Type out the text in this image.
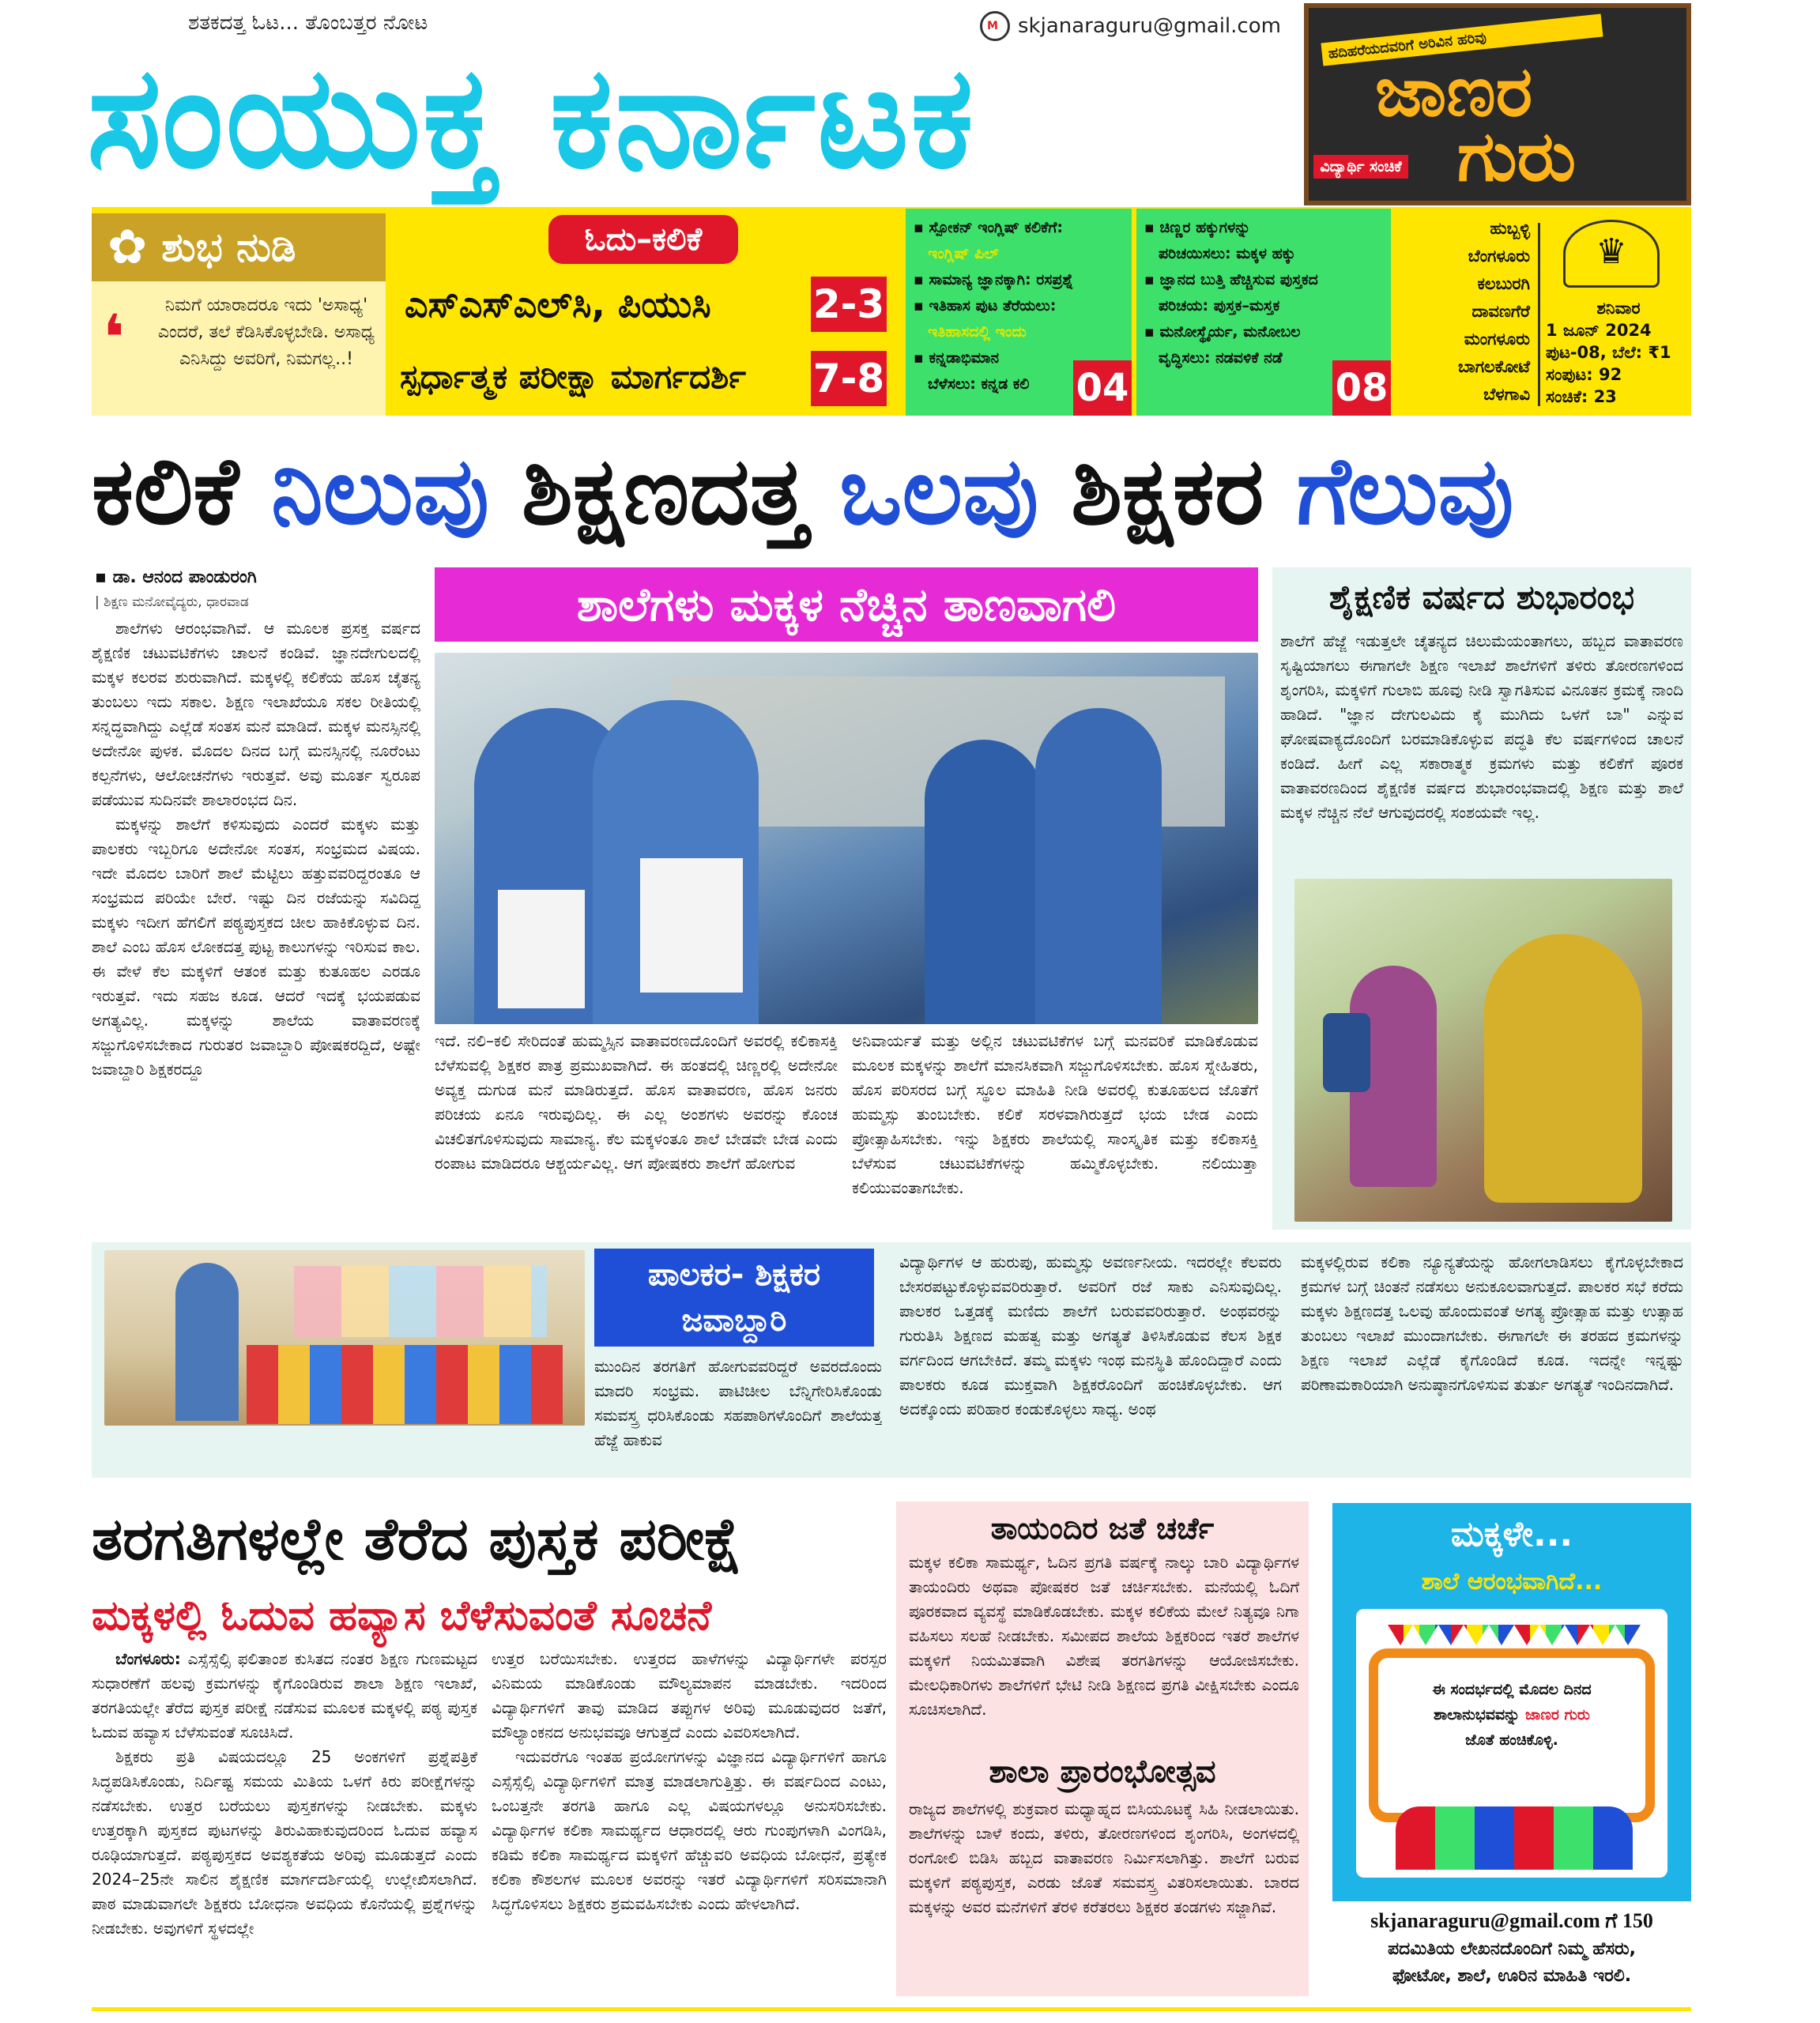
ಶತಕದತ್ತ ಓಟ... ತೊಂಬತ್ತರ ನೋಟ	M skjanaraguru@gmail.com
ಸಂಯುಕ್ತ ಕರ್ನಾಟಕ	ಹದಿಹರೆಯದವರಿಗೆ ಅರಿವಿನ ಹರಿವು
ಜಾಣರ
ಗುರು
ವಿದ್ಯಾರ್ಥಿ ಸಂಚಿಕೆ
✿ ಶುಭ ನುಡಿ
❛	ನಿಮಗೆ ಯಾರಾದರೂ ಇದು 'ಅಸಾಧ್ಯ' ಎಂದರೆ, ತಲೆ ಕೆಡಿಸಿಕೊಳ್ಳಬೇಡಿ. ಅಸಾಧ್ಯ ಎನಿಸಿದ್ದು ಅವರಿಗೆ, ನಿಮಗಲ್ಲ..!
ಓದು–ಕಲಿಕೆ
ಎಸ್‌ಎಸ್‌ಎಲ್‌ಸಿ, ಪಿಯುಸಿ	2-3
ಸ್ಪರ್ಧಾತ್ಮಕ ಪರೀಕ್ಷಾ ಮಾರ್ಗದರ್ಶಿ 7-8
▪ ಸ್ಪೋಕನ್ ಇಂಗ್ಲಿಷ್ ಕಲಿಕೆಗೆ:
ಇಂಗ್ಲಿಷ್ ಪಿಲ್
▪ ಸಾಮಾನ್ಯ ಜ್ಞಾನಕ್ಕಾಗಿ: ರಸಪ್ರಶ್ನೆ
▪ ಇತಿಹಾಸ ಪುಟ ತೆರೆಯಲು:
ಇತಿಹಾಸದಲ್ಲಿ ಇಂದು
▪ ಕನ್ನಡಾಭಿಮಾನ
ಬೆಳೆಸಲು: ಕನ್ನಡ ಕಲಿ	04
▪ ಚಿಣ್ಣರ ಹಕ್ಕುಗಳನ್ನು
ಪರಿಚಯಿಸಲು: ಮಕ್ಕಳ ಹಕ್ಕು
▪ ಜ್ಞಾನದ ಬುತ್ತಿ ಹೆಚ್ಚಿಸುವ ಪುಸ್ತಕದ
ಪರಿಚಯ: ಪುಸ್ತಕ–ಮಸ್ತಕ
▪ ಮನೋಸ್ಥೈರ್ಯ, ಮನೋಬಲ
ವೃದ್ಧಿಸಲು: ನಡವಳಿಕೆ ನಡೆ
08
ಹುಬ್ಬಳ್ಳಿ
ಬೆಂಗಳೂರು
ಕಲಬುರಗಿ
ದಾವಣಗೆರೆ
ಮಂಗಳೂರು
ಬಾಗಲಕೋಟೆ
ಬೆಳಗಾವಿ
♛
ಶನಿವಾರ
1 ಜೂನ್ 2024
ಪುಟ-08, ಬೆಲೆ: ₹1
ಸಂಪುಟ: 92
ಸಂಚಿಕೆ: 23
ಕಲಿಕೆ ನಿಲುವು ಶಿಕ್ಷಣದತ್ತ ಒಲವು ಶಿಕ್ಷಕರ ಗೆಲುವು
▪ ಡಾ. ಆನಂದ ಪಾಂಡುರಂಗಿ
| ಶಿಕ್ಷಣ ಮನೋವೈದ್ಯರು, ಧಾರವಾಡ

ಶಾಲೆಗಳು ಆರಂಭವಾಗಿವೆ. ಆ ಮೂಲಕ ಪ್ರಸಕ್ತ ವರ್ಷದ ಶೈಕ್ಷಣಿಕ ಚಟುವಟಿಕೆಗಳು ಚಾಲನೆ ಕಂಡಿವೆ. ಜ್ಞಾನದೇಗುಲದಲ್ಲಿ ಮಕ್ಕಳ ಕಲರವ ಶುರುವಾಗಿದೆ. ಮಕ್ಕಳಲ್ಲಿ ಕಲಿಕೆಯ ಹೊಸ ಚೈತನ್ಯ ತುಂಬಲು ಇದು ಸಕಾಲ. ಶಿಕ್ಷಣ ಇಲಾಖೆಯೂ ಸಕಲ ರೀತಿಯಲ್ಲಿ ಸನ್ನದ್ಧವಾಗಿದ್ದು ಎಲ್ಲೆಡೆ ಸಂತಸ ಮನೆ ಮಾಡಿದೆ. ಮಕ್ಕಳ ಮನಸ್ಸಿನಲ್ಲಿ ಅದೇನೋ ಪುಳಕ. ಮೊದಲ ದಿನದ ಬಗ್ಗೆ ಮನಸ್ಸಿನಲ್ಲಿ ನೂರೆಂಟು ಕಲ್ಪನೆಗಳು, ಆಲೋಚನೆಗಳು ಇರುತ್ತವೆ. ಅವು ಮೂರ್ತ ಸ್ವರೂಪ ಪಡೆಯುವ ಸುದಿನವೇ ಶಾಲಾರಂಭದ ದಿನ.

ಮಕ್ಕಳನ್ನು ಶಾಲೆಗೆ ಕಳಿಸುವುದು ಎಂದರೆ ಮಕ್ಕಳು ಮತ್ತು ಪಾಲಕರು ಇಬ್ಬರಿಗೂ ಅದೇನೋ ಸಂತಸ, ಸಂಭ್ರಮದ ವಿಷಯ. ಇದೇ ಮೊದಲ ಬಾರಿಗೆ ಶಾಲೆ ಮೆಟ್ಟಿಲು ಹತ್ತುವವರಿದ್ದರಂತೂ ಆ ಸಂಭ್ರಮದ ಪರಿಯೇ ಬೇರೆ. ಇಷ್ಟು ದಿನ ರಜೆಯನ್ನು ಸವಿದಿದ್ದ ಮಕ್ಕಳು ಇದೀಗ ಹೆಗಲಿಗೆ ಪಠ್ಯಪುಸ್ತಕದ ಚೀಲ ಹಾಕಿಕೊಳ್ಳುವ ದಿನ. ಶಾಲೆ ಎಂಬ ಹೊಸ ಲೋಕದತ್ತ ಪುಟ್ಟ ಕಾಲುಗಳನ್ನು ಇರಿಸುವ ಕಾಲ. ಈ ವೇಳೆ ಕೆಲ ಮಕ್ಕಳಿಗೆ ಆತಂಕ ಮತ್ತು ಕುತೂಹಲ ಎರಡೂ ಇರುತ್ತವೆ. ಇದು ಸಹಜ ಕೂಡ. ಆದರೆ ಇದಕ್ಕೆ ಭಯಪಡುವ ಅಗತ್ಯವಿಲ್ಲ. ಮಕ್ಕಳನ್ನು ಶಾಲೆಯ ವಾತಾವರಣಕ್ಕೆ ಸಜ್ಜುಗೊಳಿಸಬೇಕಾದ ಗುರುತರ ಜವಾಬ್ದಾರಿ ಪೋಷಕರದ್ದಿದೆ, ಅಷ್ಟೇ ಜವಾಬ್ದಾರಿ ಶಿಕ್ಷಕರದ್ದೂ

ಶಾಲೆಗಳು ಮಕ್ಕಳ ನೆಚ್ಚಿನ ತಾಣವಾಗಲಿ

ಇದೆ. ನಲಿ–ಕಲಿ ಸೇರಿದಂತೆ ಹುಮ್ಮಸ್ಸಿನ ವಾತಾವರಣದೊಂದಿಗೆ ಅವರಲ್ಲಿ ಕಲಿಕಾಸಕ್ತಿ ಬೆಳೆಸುವಲ್ಲಿ ಶಿಕ್ಷಕರ ಪಾತ್ರ ಪ್ರಮುಖವಾಗಿದೆ. ಈ ಹಂತದಲ್ಲಿ ಚಿಣ್ಣರಲ್ಲಿ ಅದೇನೋ ಅವ್ಯಕ್ತ ದುಗುಡ ಮನೆ ಮಾಡಿರುತ್ತದೆ. ಹೊಸ ವಾತಾವರಣ, ಹೊಸ ಜನರು ಪರಿಚಯ ಏನೂ ಇರುವುದಿಲ್ಲ. ಈ ಎಲ್ಲ ಅಂಶಗಳು ಅವರನ್ನು ಕೊಂಚ ವಿಚಲಿತಗೊಳಿಸುವುದು ಸಾಮಾನ್ಯ. ಕೆಲ ಮಕ್ಕಳಂತೂ ಶಾಲೆ ಬೇಡವೇ ಬೇಡ ಎಂದು ರಂಪಾಟ ಮಾಡಿದರೂ ಆಶ್ಚರ್ಯವಿಲ್ಲ. ಆಗ ಪೋಷಕರು ಶಾಲೆಗೆ ಹೋಗುವ

ಅನಿವಾರ್ಯತೆ ಮತ್ತು ಅಲ್ಲಿನ ಚಟುವಟಿಕೆಗಳ ಬಗ್ಗೆ ಮನವರಿಕೆ ಮಾಡಿಕೊಡುವ ಮೂಲಕ ಮಕ್ಕಳನ್ನು ಶಾಲೆಗೆ ಮಾನಸಿಕವಾಗಿ ಸಜ್ಜುಗೊಳಿಸಬೇಕು. ಹೊಸ ಸ್ನೇಹಿತರು, ಹೊಸ ಪರಿಸರದ ಬಗ್ಗೆ ಸ್ಥೂಲ ಮಾಹಿತಿ ನೀಡಿ ಅವರಲ್ಲಿ ಕುತೂಹಲದ ಜೊತೆಗೆ ಹುಮ್ಮಸ್ಸು ತುಂಬಬೇಕು. ಕಲಿಕೆ ಸರಳವಾಗಿರುತ್ತದೆ ಭಯ ಬೇಡ ಎಂದು ಪ್ರೋತ್ಸಾಹಿಸಬೇಕು. ಇನ್ನು ಶಿಕ್ಷಕರು ಶಾಲೆಯಲ್ಲಿ ಸಾಂಸ್ಕೃತಿಕ ಮತ್ತು ಕಲಿಕಾಸಕ್ತಿ ಬೆಳೆಸುವ ಚಟುವಟಿಕೆಗಳನ್ನು ಹಮ್ಮಿಕೊಳ್ಳಬೇಕು. ನಲಿಯುತ್ತಾ ಕಲಿಯುವಂತಾಗಬೇಕು.

ಶೈಕ್ಷಣಿಕ ವರ್ಷದ ಶುಭಾರಂಭ
ಶಾಲೆಗೆ ಹೆಜ್ಜೆ ಇಡುತ್ತಲೇ ಚೈತನ್ಯದ ಚಿಲುಮೆಯಂತಾಗಲು, ಹಬ್ಬದ ವಾತಾವರಣ ಸೃಷ್ಟಿಯಾಗಲು ಈಗಾಗಲೇ ಶಿಕ್ಷಣ ಇಲಾಖೆ ಶಾಲೆಗಳಿಗೆ ತಳಿರು ತೋರಣಗಳಿಂದ ಶೃಂಗರಿಸಿ, ಮಕ್ಕಳಿಗೆ ಗುಲಾಬಿ ಹೂವು ನೀಡಿ ಸ್ವಾಗತಿಸುವ ವಿನೂತನ ಕ್ರಮಕ್ಕೆ ನಾಂದಿ ಹಾಡಿದೆ. "ಜ್ಞಾನ ದೇಗುಲವಿದು ಕೈ ಮುಗಿದು ಒಳಗೆ ಬಾ" ಎನ್ನುವ ಘೋಷವಾಕ್ಯದೊಂದಿಗೆ ಬರಮಾಡಿಕೊಳ್ಳುವ ಪದ್ಧತಿ ಕೆಲ ವರ್ಷಗಳಿಂದ ಚಾಲನೆ ಕಂಡಿದೆ. ಹೀಗೆ ಎಲ್ಲ ಸಕಾರಾತ್ಮಕ ಕ್ರಮಗಳು ಮತ್ತು ಕಲಿಕೆಗೆ ಪೂರಕ ವಾತಾವರಣದಿಂದ ಶೈಕ್ಷಣಿಕ ವರ್ಷದ ಶುಭಾರಂಭವಾದಲ್ಲಿ ಶಿಕ್ಷಣ ಮತ್ತು ಶಾಲೆ ಮಕ್ಕಳ ನೆಚ್ಚಿನ ನೆಲೆ ಆಗುವುದರಲ್ಲಿ ಸಂಶಯವೇ ಇಲ್ಲ.
ಪಾಲಕರ- ಶಿಕ್ಷಕರ ಜವಾಬ್ದಾರಿ
ಮುಂದಿನ ತರಗತಿಗೆ ಹೋಗುವವರಿದ್ದರೆ ಅವರದೊಂದು ಮಾದರಿ ಸಂಭ್ರಮ. ಪಾಟಿಚೀಲ ಬೆನ್ನಿಗೇರಿಸಿಕೊಂಡು ಸಮವಸ್ತ್ರ ಧರಿಸಿಕೊಂಡು ಸಹಪಾಠಿಗಳೊಂದಿಗೆ ಶಾಲೆಯತ್ತ ಹೆಜ್ಜೆ ಹಾಕುವ
ವಿದ್ಯಾರ್ಥಿಗಳ ಆ ಹುರುಪು, ಹುಮ್ಮಸ್ಸು ಅವರ್ಣನೀಯ. ಇದರಲ್ಲೇ ಕೆಲವರು ಬೇಸರಪಟ್ಟುಕೊಳ್ಳುವವರಿರುತ್ತಾರೆ. ಅವರಿಗೆ ರಜೆ ಸಾಕು ಎನಿಸುವುದಿಲ್ಲ. ಪಾಲಕರ ಒತ್ತಡಕ್ಕೆ ಮಣಿದು ಶಾಲೆಗೆ ಬರುವವರಿರುತ್ತಾರೆ. ಅಂಥವರನ್ನು ಗುರುತಿಸಿ ಶಿಕ್ಷಣದ ಮಹತ್ವ ಮತ್ತು ಅಗತ್ಯತೆ ತಿಳಿಸಿಕೊಡುವ ಕೆಲಸ ಶಿಕ್ಷಕ ವರ್ಗದಿಂದ ಆಗಬೇಕಿದೆ. ತಮ್ಮ ಮಕ್ಕಳು ಇಂಥ ಮನಸ್ಥಿತಿ ಹೊಂದಿದ್ದಾರೆ ಎಂದು ಪಾಲಕರು ಕೂಡ ಮುಕ್ತವಾಗಿ ಶಿಕ್ಷಕರೊಂದಿಗೆ ಹಂಚಿಕೊಳ್ಳಬೇಕು. ಆಗ ಅದಕ್ಕೊಂದು ಪರಿಹಾರ ಕಂಡುಕೊಳ್ಳಲು ಸಾಧ್ಯ. ಅಂಥ
ಮಕ್ಕಳಲ್ಲಿರುವ ಕಲಿಕಾ ನ್ಯೂನ್ಯತೆಯನ್ನು ಹೋಗಲಾಡಿಸಲು ಕೈಗೊಳ್ಳಬೇಕಾದ ಕ್ರಮಗಳ ಬಗ್ಗೆ ಚಿಂತನೆ ನಡೆಸಲು ಅನುಕೂಲವಾಗುತ್ತದೆ. ಪಾಲಕರ ಸಭೆ ಕರೆದು ಮಕ್ಕಳು ಶಿಕ್ಷಣದತ್ತ ಒಲವು ಹೊಂದುವಂತೆ ಅಗತ್ಯ ಪ್ರೋತ್ಸಾಹ ಮತ್ತು ಉತ್ಸಾಹ ತುಂಬಲು ಇಲಾಖೆ ಮುಂದಾಗಬೇಕು. ಈಗಾಗಲೇ ಈ ತರಹದ ಕ್ರಮಗಳನ್ನು ಶಿಕ್ಷಣ ಇಲಾಖೆ ಎಲ್ಲೆಡೆ ಕೈಗೊಂಡಿದೆ ಕೂಡ. ಇದನ್ನೇ ಇನ್ನಷ್ಟು ಪರಿಣಾಮಕಾರಿಯಾಗಿ ಅನುಷ್ಠಾನಗೊಳಿಸುವ ತುರ್ತು ಅಗತ್ಯತೆ ಇಂದಿನದಾಗಿದೆ.
ತರಗತಿಗಳಲ್ಲೇ ತೆರೆದ ಪುಸ್ತಕ ಪರೀಕ್ಷೆ
ಮಕ್ಕಳಲ್ಲಿ ಓದುವ ಹವ್ಯಾಸ ಬೆಳೆಸುವಂತೆ ಸೂಚನೆ

ಬೆಂಗಳೂರು: ಎಸ್ಸೆಸ್ಸೆಲ್ಸಿ ಫಲಿತಾಂಶ ಕುಸಿತದ ನಂತರ ಶಿಕ್ಷಣ ಗುಣಮಟ್ಟದ ಸುಧಾರಣೆಗೆ ಹಲವು ಕ್ರಮಗಳನ್ನು ಕೈಗೊಂಡಿರುವ ಶಾಲಾ ಶಿಕ್ಷಣ ಇಲಾಖೆ, ತರಗತಿಯಲ್ಲೇ ತೆರೆದ ಪುಸ್ತಕ ಪರೀಕ್ಷೆ ನಡೆಸುವ ಮೂಲಕ ಮಕ್ಕಳಲ್ಲಿ ಪಠ್ಯ ಪುಸ್ತಕ ಓದುವ ಹವ್ಯಾಸ ಬೆಳೆಸುವಂತೆ ಸೂಚಿಸಿದೆ.

ಶಿಕ್ಷಕರು ಪ್ರತಿ ವಿಷಯದಲ್ಲೂ 25 ಅಂಕಗಳಿಗೆ ಪ್ರಶ್ನೆಪತ್ರಿಕೆ ಸಿದ್ಧಪಡಿಸಿಕೊಂಡು, ನಿರ್ದಿಷ್ಟ ಸಮಯ ಮಿತಿಯ ಒಳಗೆ ಕಿರು ಪರೀಕ್ಷೆಗಳನ್ನು ನಡೆಸಬೇಕು. ಉತ್ತರ ಬರೆಯಲು ಪುಸ್ತಕಗಳನ್ನು ನೀಡಬೇಕು. ಮಕ್ಕಳು ಉತ್ತರಕ್ಕಾಗಿ ಪುಸ್ತಕದ ಪುಟಗಳನ್ನು ತಿರುವಿಹಾಕುವುದರಿಂದ ಓದುವ ಹವ್ಯಾಸ ರೂಢಿಯಾಗುತ್ತದೆ. ಪಠ್ಯಪುಸ್ತಕದ ಅವಶ್ಯಕತೆಯ ಅರಿವು ಮೂಡುತ್ತದೆ ಎಂದು 2024–25ನೇ ಸಾಲಿನ ಶೈಕ್ಷಣಿಕ ಮಾರ್ಗದರ್ಶಿಯಲ್ಲಿ ಉಲ್ಲೇಖಿಸಲಾಗಿದೆ. ಪಾಠ ಮಾಡುವಾಗಲೇ ಶಿಕ್ಷಕರು ಬೋಧನಾ ಅವಧಿಯ ಕೊನೆಯಲ್ಲಿ ಪ್ರಶ್ನೆಗಳನ್ನು ನೀಡಬೇಕು. ಅವುಗಳಿಗೆ ಸ್ಥಳದಲ್ಲೇ

ಉತ್ತರ ಬರೆಯಿಸಬೇಕು. ಉತ್ತರದ ಹಾಳೆಗಳನ್ನು ವಿದ್ಯಾರ್ಥಿಗಳೇ ಪರಸ್ಪರ ವಿನಿಮಯ ಮಾಡಿಕೊಂಡು ಮೌಲ್ಯಮಾಪನ ಮಾಡಬೇಕು. ಇದರಿಂದ ವಿದ್ಯಾರ್ಥಿಗಳಿಗೆ ತಾವು ಮಾಡಿದ ತಪ್ಪುಗಳ ಅರಿವು ಮೂಡುವುದರ ಜತೆಗೆ, ಮೌಲ್ಯಾಂಕನದ ಅನುಭವವೂ ಆಗುತ್ತದೆ ಎಂದು ವಿವರಿಸಲಾಗಿದೆ.

ಇದುವರೆಗೂ ಇಂತಹ ಪ್ರಯೋಗಗಳನ್ನು ವಿಜ್ಞಾನದ ವಿದ್ಯಾರ್ಥಿಗಳಿಗೆ ಹಾಗೂ ಎಸ್ಸೆಸ್ಸೆಲ್ಸಿ ವಿದ್ಯಾರ್ಥಿಗಳಿಗೆ ಮಾತ್ರ ಮಾಡಲಾಗುತ್ತಿತ್ತು. ಈ ವರ್ಷದಿಂದ ಎಂಟು, ಒಂಬತ್ತನೇ ತರಗತಿ ಹಾಗೂ ಎಲ್ಲ ವಿಷಯಗಳಲ್ಲೂ ಅನುಸರಿಸಬೇಕು. ವಿದ್ಯಾರ್ಥಿಗಳ ಕಲಿಕಾ ಸಾಮರ್ಥ್ಯದ ಆಧಾರದಲ್ಲಿ ಆರು ಗುಂಪುಗಳಾಗಿ ವಿಂಗಡಿಸಿ, ಕಡಿಮೆ ಕಲಿಕಾ ಸಾಮರ್ಥ್ಯದ ಮಕ್ಕಳಿಗೆ ಹೆಚ್ಚುವರಿ ಅವಧಿಯ ಬೋಧನೆ, ಪ್ರತ್ಯೇಕ ಕಲಿಕಾ ಕೌಶಲಗಳ ಮೂಲಕ ಅವರನ್ನು ಇತರೆ ವಿದ್ಯಾರ್ಥಿಗಳಿಗೆ ಸರಿಸಮಾನಾಗಿ ಸಿದ್ಧಗೊಳಿಸಲು ಶಿಕ್ಷಕರು ಶ್ರಮವಹಿಸಬೇಕು ಎಂದು ಹೇಳಲಾಗಿದೆ.

ತಾಯಂದಿರ ಜತೆ ಚರ್ಚೆ
ಮಕ್ಕಳ ಕಲಿಕಾ ಸಾಮರ್ಥ್ಯ, ಓದಿನ ಪ್ರಗತಿ ವರ್ಷಕ್ಕೆ ನಾಲ್ಕು ಬಾರಿ ವಿದ್ಯಾರ್ಥಿಗಳ ತಾಯಂದಿರು ಅಥವಾ ಪೋಷಕರ ಜತೆ ಚರ್ಚಿಸಬೇಕು. ಮನೆಯಲ್ಲಿ ಓದಿಗೆ ಪೂರಕವಾದ ವ್ಯವಸ್ಥೆ ಮಾಡಿಕೊಡಬೇಕು. ಮಕ್ಕಳ ಕಲಿಕೆಯ ಮೇಲೆ ನಿತ್ಯವೂ ನಿಗಾ ವಹಿಸಲು ಸಲಹೆ ನೀಡಬೇಕು. ಸಮೀಪದ ಶಾಲೆಯ ಶಿಕ್ಷಕರಿಂದ ಇತರೆ ಶಾಲೆಗಳ ಮಕ್ಕಳಿಗೆ ನಿಯಮಿತವಾಗಿ ವಿಶೇಷ ತರಗತಿಗಳನ್ನು ಆಯೋಜಿಸಬೇಕು. ಮೇಲಧಿಕಾರಿಗಳು ಶಾಲೆಗಳಿಗೆ ಭೇಟಿ ನೀಡಿ ಶಿಕ್ಷಣದ ಪ್ರಗತಿ ವೀಕ್ಷಿಸಬೇಕು ಎಂದೂ ಸೂಚಿಸಲಾಗಿದೆ.
ಶಾಲಾ ಪ್ರಾರಂಭೋತ್ಸವ
ರಾಜ್ಯದ ಶಾಲೆಗಳಲ್ಲಿ ಶುಕ್ರವಾರ ಮಧ್ಯಾಹ್ನದ ಬಿಸಿಯೂಟಕ್ಕೆ ಸಿಹಿ ನೀಡಲಾಯಿತು. ಶಾಲೆಗಳನ್ನು ಬಾಳೆ ಕಂದು, ತಳಿರು, ತೋರಣಗಳಿಂದ ಶೃಂಗರಿಸಿ, ಅಂಗಳದಲ್ಲಿ ರಂಗೋಲಿ ಬಿಡಿಸಿ ಹಬ್ಬದ ವಾತಾವರಣ ನಿರ್ಮಿಸಲಾಗಿತ್ತು. ಶಾಲೆಗೆ ಬರುವ ಮಕ್ಕಳಿಗೆ ಪಠ್ಯಪುಸ್ತಕ, ಎರಡು ಜೊತೆ ಸಮವಸ್ತ್ರ ವಿತರಿಸಲಾಯಿತು. ಬಾರದ ಮಕ್ಕಳನ್ನು ಅವರ ಮನೆಗಳಿಗೆ ತೆರಳಿ ಕರೆತರಲು ಶಿಕ್ಷಕರ ತಂಡಗಳು ಸಜ್ಜಾಗಿವೆ.
ಮಕ್ಕಳೇ...
ಶಾಲೆ ಆರಂಭವಾಗಿದೆ...
ಈ ಸಂದರ್ಭದಲ್ಲಿ ಮೊದಲ ದಿನದ
ಶಾಲಾನುಭವವನ್ನು ಜಾಣರ ಗುರು
ಜೊತೆ ಹಂಚಿಕೊಳ್ಳಿ.
skjanaraguru@gmail.com ಗೆ 150
ಪದಮಿತಿಯ ಲೇಖನದೊಂದಿಗೆ ನಿಮ್ಮ ಹೆಸರು,
ಫೋಟೋ, ಶಾಲೆ, ಊರಿನ ಮಾಹಿತಿ ಇರಲಿ.
